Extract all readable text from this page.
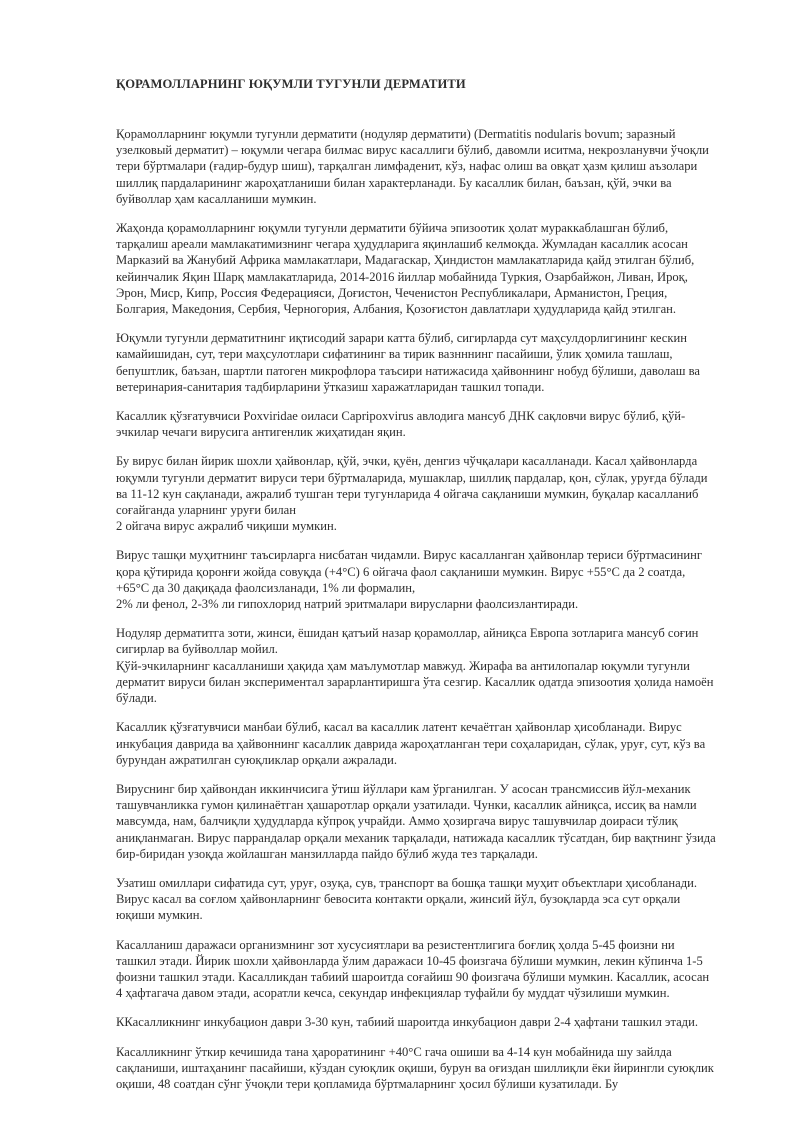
ҚОРАМОЛЛАРНИНГ ЮҚУМЛИ ТУГУНЛИ ДЕРМАТИТИ

Қорамолларнинг юқумли тугунли дерматити (нодуляр дерматити) (Dermatitis nodularis bovum; заразный узелковый дерматит) – юқумли чегара билмас вирус касаллиги бўлиб, давомли иситма, некрозланувчи ўчоқли тери бўртмалари (ғадир-будур шиш), тарқалган лимфаденит, кўз, нафас олиш ва овқат ҳазм қилиш аъзолари шиллиқ пардаларининг жароҳатланиши билан характерланади. Бу касаллик билан, баъзан, қўй, эчки ва буйволлар ҳам касалланиши мумкин.

Жаҳонда қорамолларнинг юқумли тугунли дерматити бўйича эпизоотик ҳолат мураккаблашган бўлиб, тарқалиш ареали мамлакатимизнинг чегара ҳудудларига яқинлашиб келмоқда. Жумладан касаллик асосан Марказий ва Жанубий Африка мамлакатлари, Мадагаскар, Ҳиндистон мамлакатларида қайд этилган бўлиб, кейинчалик Яқин Шарқ мамлакатларида, 2014-2016 йиллар мобайнида Туркия, Озарбайжон, Ливан, Ироқ, Эрон, Миср, Кипр, Россия Федерацияси, Доғистон, Чеченистон Республикалари, Арманистон, Греция, Болгария, Македония, Сербия, Черногория, Албания, Қозоғистон давлатлари ҳудудларида қайд этилган.

Юқумли тугунли дерматитнинг иқтисодий зарари катта бўлиб, сигирларда сут маҳсулдорлигининг кескин камайишидан, сут, тери маҳсулотлари сифатининг ва тирик вазнннинг пасайиши, ўлик ҳомила ташлаш, бепуштлик, баъзан, шартли патоген микрофлора таъсири натижасида ҳайвоннинг нобуд бўлиши, даволаш ва ветеринария-санитария тадбирларини ўтказиш харажатларидан ташкил топади.

Касаллик қўзғатувчиси Poxviridae оиласи Capripoxvirus авлодига мансуб ДНК сақловчи вирус бўлиб, қўй-эчкилар чечаги вирусига антигенлик жиҳатидан яқин.

Бу вирус билан йирик шохли ҳайвонлар, қўй, эчки, қуён, денгиз чўчқалари касалланади. Касал ҳайвонларда юқумли тугунли дерматит вируси тери бўртмаларида, мушаклар, шиллиқ пардалар, қон, сўлак, уруғда бўлади ва 11-12 кун сақланади, ажралиб тушган тери тугунларида 4 ойгача сақланиши мумкин, буқалар касалланиб соғайганда уларнинг уруғи билан
2 ойгача вирус ажралиб чиқиши мумкин.

Вирус ташқи муҳитнинг таъсирларга нисбатан чидамли. Вирус касалланган ҳайвонлар териси бўртмасининг қора қўтирида қоронғи жойда совуқда (+4°С) 6 ойгача фаол сақланиши мумкин. Вирус +55°С да 2 соатда, +65°С да 30 дақиқада фаолсизланади, 1% ли формалин,
2% ли фенол, 2-3% ли гипохлорид натрий эритмалари вирусларни фаолсизлантиради.

Нодуляр дерматитга зоти, жинси, ёшидан қатъий назар қорамоллар, айниқса Европа зотларига мансуб соғин сигирлар ва буйволлар мойил.
Қўй-эчкиларнинг касалланиши ҳақида ҳам маълумотлар мавжуд. Жирафа ва антилопалар юқумли тугунли дерматит вируси билан экспериментал зарарлантиришга ўта сезгир. Касаллик одатда эпизоотия ҳолида намоён бўлади.

Касаллик қўзғатувчиси манбаи бўлиб, касал ва касаллик латент кечаётган ҳайвонлар ҳисобланади. Вирус инкубация даврида ва ҳайвоннинг касаллик даврида жароҳатланган тери соҳаларидан, сўлак, уруғ, сут, кўз ва бурундан ажратилган суюқликлар орқали ажралади.

Вируснинг бир ҳайвондан иккинчисига ўтиш йўллари кам ўрганилган. У асосан трансмиссив йўл-механик ташувчанликка гумон қилинаётган ҳашаротлар орқали узатилади. Чунки, касаллик айниқса, иссиқ ва намли мавсумда, нам, балчиқли ҳудудларда кўпроқ учрайди. Аммо ҳозиргача вирус ташувчилар доираси тўлиқ аниқланмаган. Вирус паррандалар орқали механик тарқалади, натижада касаллик тўсатдан, бир вақтнинг ўзида бир-биридан узоқда жойлашган манзилларда пайдо бўлиб жуда тез тарқалади.

Узатиш омиллари сифатида сут, уруғ, озуқа, сув, транспорт ва бошқа ташқи муҳит объектлари ҳисобланади. Вирус касал ва соғлом ҳайвонларнинг бевосита контакти орқали, жинсий йўл, бузоқларда эса сут орқали юқиши мумкин.

Касалланиш даражаси организмнинг зот хусусиятлари ва резистентлигига боғлиқ ҳолда 5-45 фоизни ни ташкил этади. Йирик шохли ҳайвонларда ўлим даражаси 10-45 фоизгача бўлиши мумкин, лекин кўпинча 1-5 фоизни ташкил этади. Касалликдан табиий шароитда соғайиш 90 фоизгача бўлиши мумкин. Касаллик, асосан 4 ҳафтагача давом этади, асоратли кечса, секундар инфекциялар туфайли бу муддат чўзилиши мумкин.

ККасалликнинг инкубацион даври 3-30 кун, табиий шароитда инкубацион даври 2-4 ҳафтани ташкил этади.

Касалликнинг ўткир кечишида тана ҳароратининг +40°С гача ошиши ва 4-14 кун мобайнида шу зайлда сақланиши, иштаҳанинг пасайиши, кўздан суюқлик оқиши, бурун ва оғиздан шиллиқли ёки йирингли суюқлик оқиши, 48 соатдан сўнг ўчоқли тери қопламида бўртмаларнинг ҳосил бўлиши кузатилади. Бу
